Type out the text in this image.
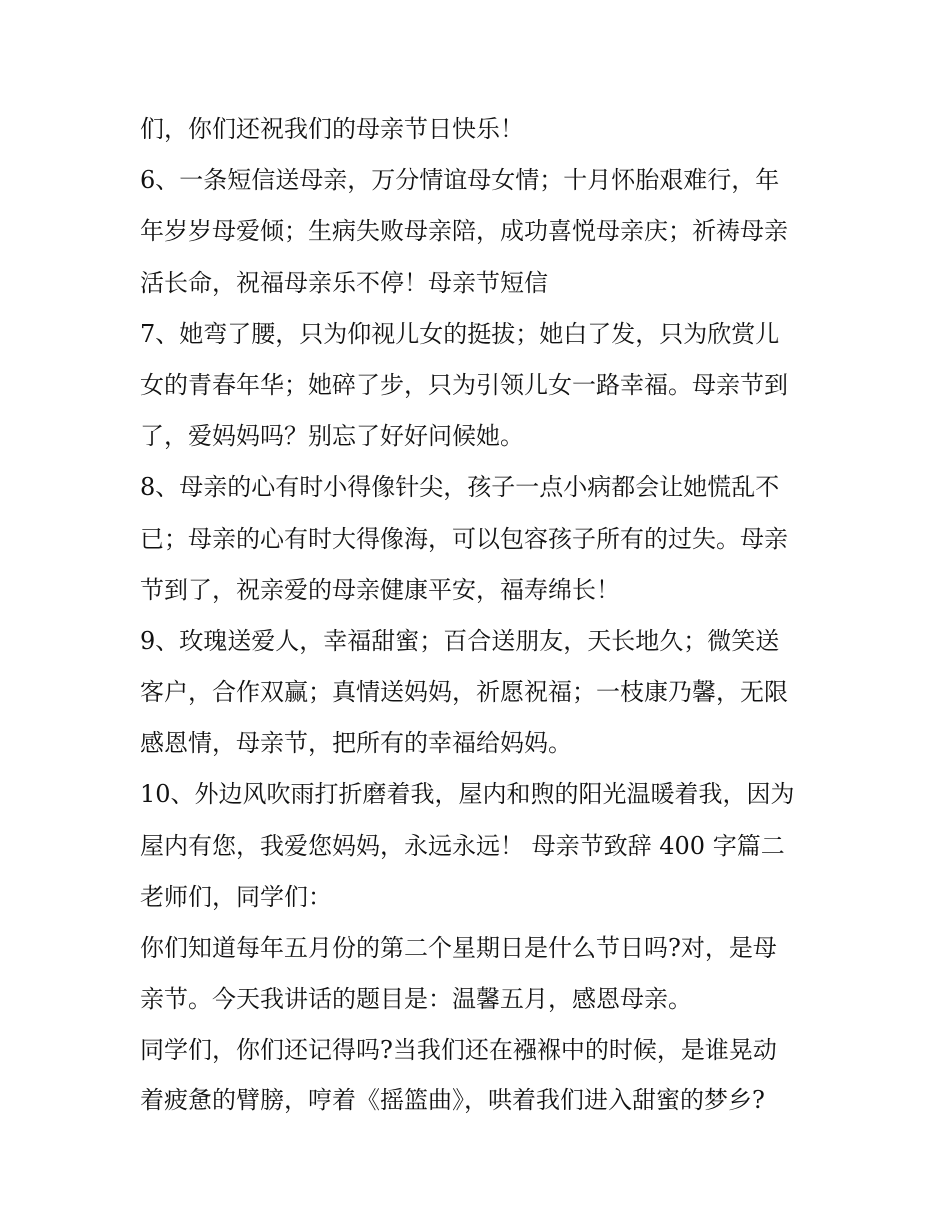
们，你们还祝我们的母亲节日快乐！
6、一条短信送母亲，万分情谊母女情；十月怀胎艰难行，年
年岁岁母爱倾；生病失败母亲陪，成功喜悦母亲庆；祈祷母亲
活长命，祝福母亲乐不停！母亲节短信
7、她弯了腰，只为仰视儿女的挺拔；她白了发，只为欣赏儿
女的青春年华；她碎了步，只为引领儿女一路幸福。母亲节到
了，爱妈妈吗？别忘了好好问候她。
8、母亲的心有时小得像针尖，孩子一点小病都会让她慌乱不
已；母亲的心有时大得像海，可以包容孩子所有的过失。母亲
节到了，祝亲爱的母亲健康平安，福寿绵长！
9、玫瑰送爱人，幸福甜蜜；百合送朋友，天长地久；微笑送
客户，合作双赢；真情送妈妈，祈愿祝福；一枝康乃馨，无限
感恩情，母亲节，把所有的幸福给妈妈。
10、外边风吹雨打折磨着我，屋内和煦的阳光温暖着我，因为
屋内有您，我爱您妈妈，永远永远！ 母亲节致辞 400 字篇二
老师们，同学们：
你们知道每年五月份的第二个星期日是什么节日吗?对，是母
亲节。今天我讲话的题目是：温馨五月，感恩母亲。
同学们，你们还记得吗?当我们还在襁褓中的时候，是谁晃动
着疲惫的臂膀，哼着《摇篮曲》，哄着我们进入甜蜜的梦乡?
